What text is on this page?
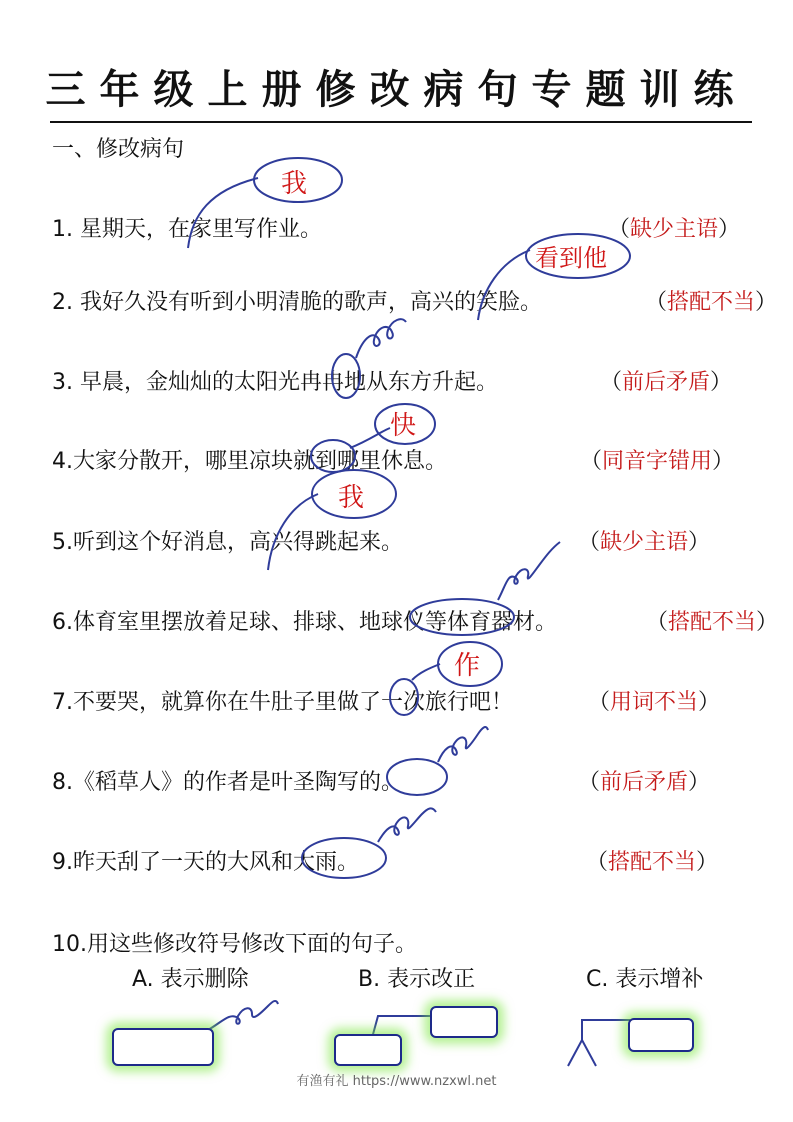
三年级上册修改病句专题训练
一、修改病句
1. 星期天，在家里写作业。	（缺少主语）
2. 我好久没有听到小明清脆的歌声，高兴的笑脸。	（搭配不当）
3. 早晨，金灿灿的太阳光冉冉地从东方升起。	（前后矛盾）
4.大家分散开，哪里凉块就到哪里休息。	（同音字错用）
5.听到这个好消息，高兴得跳起来。	（缺少主语）
6.体育室里摆放着足球、排球、地球仪等体育器材。	（搭配不当）
7.不要哭，就算你在牛肚子里做了一次旅行吧！	（用词不当）
8.《稻草人》的作者是叶圣陶写的。	（前后矛盾）
9.昨天刮了一天的大风和大雨。	（搭配不当）
10.用这些修改符号修改下面的句子。
A. 表示删除	B. 表示改正	C. 表示增补
我
看到他
快
我
作
有渔有礼 https://www.nzxwl.net
